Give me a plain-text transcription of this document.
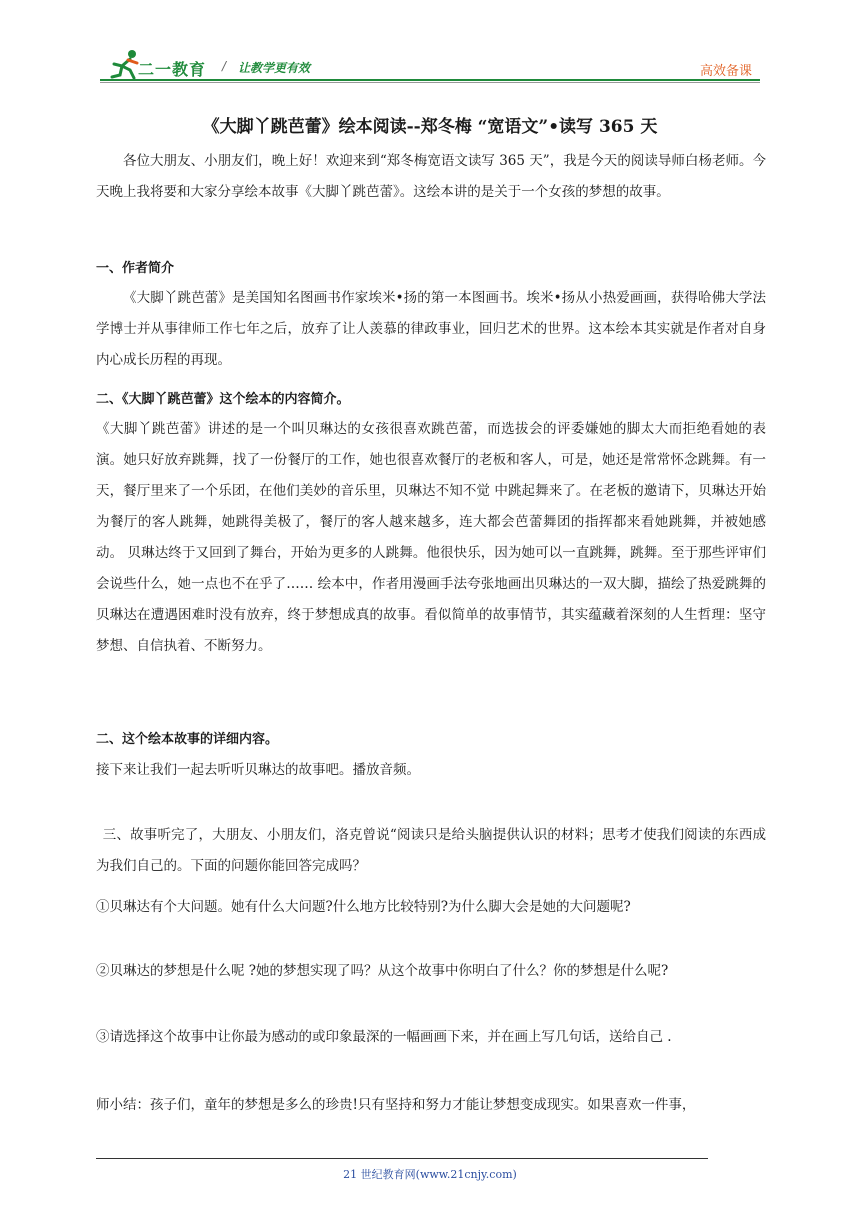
二一教育 / 让教学更有效	高效备课
《大脚丫跳芭蕾》绘本阅读--郑冬梅 “宽语文”•读写 365 天
各位大朋友、小朋友们，晚上好！欢迎来到“郑冬梅宽语文读写 365 天”，我是今天的阅读导师白杨老师。今天晚上我将要和大家分享绘本故事《大脚丫跳芭蕾》。这绘本讲的是关于一个女孩的梦想的故事。
一、作者简介
《大脚丫跳芭蕾》是美国知名图画书作家埃米•扬的第一本图画书。埃米•扬从小热爱画画，获得哈佛大学法学博士并从事律师工作七年之后，放弃了让人羡慕的律政事业，回归艺术的世界。这本绘本其实就是作者对自身内心成长历程的再现。
二、《大脚丫跳芭蕾》这个绘本的内容简介。
《大脚丫跳芭蕾》讲述的是一个叫贝琳达的女孩很喜欢跳芭蕾，而选拔会的评委嫌她的脚太大而拒绝看她的表演。她只好放弃跳舞，找了一份餐厅的工作，她也很喜欢餐厅的老板和客人，可是，她还是常常怀念跳舞。有一天，餐厅里来了一个乐团，在他们美妙的音乐里，贝琳达不知不觉 中跳起舞来了。在老板的邀请下，贝琳达开始为餐厅的客人跳舞，她跳得美极了，餐厅的客人越来越多，连大都会芭蕾舞团的指挥都来看她跳舞，并被她感动。 贝琳达终于又回到了舞台，开始为更多的人跳舞。他很快乐，因为她可以一直跳舞，跳舞。至于那些评审们会说些什么，她一点也不在乎了…… 绘本中，作者用漫画手法夸张地画出贝琳达的一双大脚，描绘了热爱跳舞的贝琳达在遭遇困难时没有放弃，终于梦想成真的故事。看似简单的故事情节，其实蕴藏着深刻的人生哲理：坚守梦想、自信执着、不断努力。
二、这个绘本故事的详细内容。
接下来让我们一起去听听贝琳达的故事吧。播放音频。
三、故事听完了，大朋友、小朋友们，洛克曾说“阅读只是给头脑提供认识的材料；思考才使我们阅读的东西成为我们自己的。下面的问题你能回答完成吗？
①贝琳达有个大问题。她有什么大问题?什么地方比较特别?为什么脚大会是她的大问题呢?
②贝琳达的梦想是什么呢 ?她的梦想实现了吗？从这个故事中你明白了什么？你的梦想是什么呢?
③请选择这个故事中让你最为感动的或印象最深的一幅画画下来，并在画上写几句话，送给自己 .
师小结：孩子们，童年的梦想是多么的珍贵!只有坚持和努力才能让梦想变成现实。如果喜欢一件事，
21 世纪教育网(www.21cnjy.com)
